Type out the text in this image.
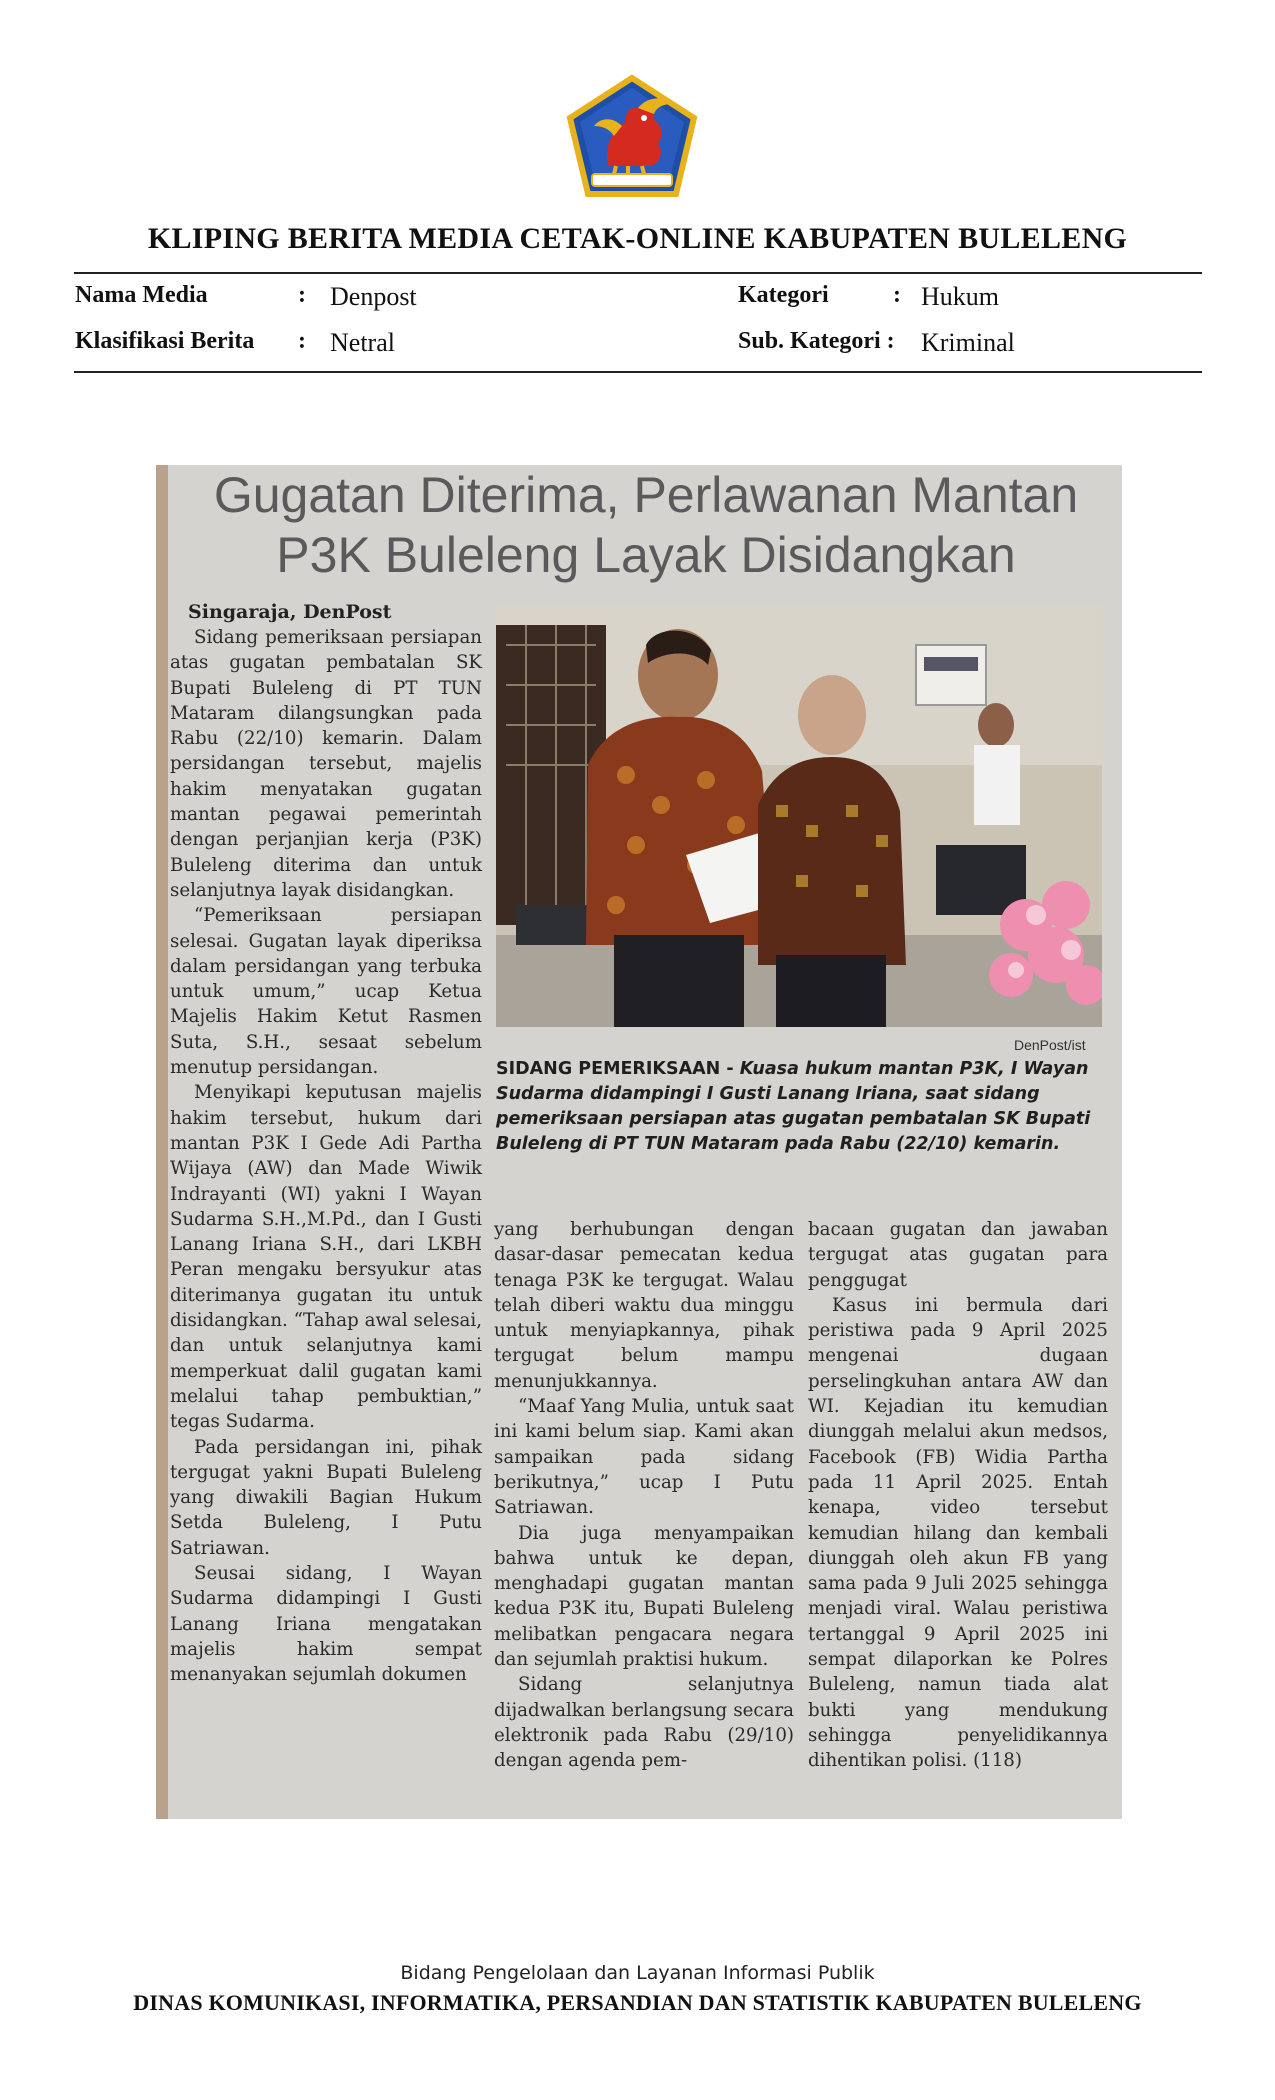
KLIPING BERITA MEDIA CETAK-ONLINE KABUPATEN BULELENG
Nama Media	: Denpost	Kategori	: Hukum
Klasifikasi Berita : Netral	Sub. Kategori : Kriminal
Gugatan Diterima, Perlawanan Mantan
P3K Buleleng Layak Disidangkan
Singaraja, DenPost

Sidang pemeriksaan persiapan atas gugatan pembatalan SK Bupati Buleleng di PT TUN Mataram dilangsungkan pada Rabu (22/10) kemarin. Dalam persidangan tersebut, majelis hakim menyatakan gugatan mantan pegawai pemerintah dengan perjanjian kerja (P3K) Buleleng diterima dan untuk selanjutnya layak disidangkan.

“Pemeriksaan persiapan selesai. Gugatan layak diperiksa dalam persidangan yang terbuka untuk umum,” ucap Ketua Majelis Hakim Ketut Rasmen Suta, S.H., sesaat sebelum menutup persidangan.

Menyikapi keputusan majelis hakim tersebut, hukum dari mantan P3K I Gede Adi Partha Wijaya (AW) dan Made Wiwik Indrayanti (WI) yakni I Wayan Sudarma S.H.,M.Pd., dan I Gusti Lanang Iriana S.H., dari LKBH Peran mengaku bersyukur atas diterimanya gugatan itu untuk disidangkan. “Tahap awal selesai, dan untuk selanjutnya kami memperkuat dalil gugatan kami melalui tahap pembuktian,” tegas Sudarma.

Pada persidangan ini, pihak tergugat yakni Bupati Buleleng yang diwakili Bagian Hukum Setda Buleleng, I Putu Satriawan.

Seusai sidang, I Wayan Sudarma didampingi I Gusti Lanang Iriana mengatakan majelis hakim sempat menanyakan sejumlah dokumen

DenPost/ist
SIDANG PEMERIKSAAN - Kuasa hukum mantan P3K, I Wayan Sudarma didampingi I Gusti Lanang Iriana, saat sidang pemeriksaan persiapan atas gugatan pembatalan SK Bupati Buleleng di PT TUN Mataram pada Rabu (22/10) kemarin.

yang berhubungan dengan dasar-dasar pemecatan kedua tenaga P3K ke tergugat. Walau telah diberi waktu dua minggu untuk menyiapkannya, pihak tergugat belum mampu menunjukkannya.

“Maaf Yang Mulia, untuk saat ini kami belum siap. Kami akan sampaikan pada sidang berikutnya,” ucap I Putu Satriawan.

Dia juga menyampaikan bahwa untuk ke depan, menghadapi gugatan mantan kedua P3K itu, Bupati Buleleng melibatkan pengacara negara dan sejumlah praktisi hukum.

Sidang selanjutnya dijadwalkan berlangsung secara elektronik pada Rabu (29/10) dengan agenda pem-

bacaan gugatan dan jawaban tergugat atas gugatan para penggugat

Kasus ini bermula dari peristiwa pada 9 April 2025 mengenai dugaan perselingkuhan antara AW dan WI. Kejadian itu kemudian diunggah melalui akun medsos, Facebook (FB) Widia Partha pada 11 April 2025. Entah kenapa, video tersebut kemudian hilang dan kembali diunggah oleh akun FB yang sama pada 9 Juli 2025 sehingga menjadi viral. Walau peristiwa tertanggal 9 April 2025 ini sempat dilaporkan ke Polres Buleleng, namun tiada alat bukti yang mendukung sehingga penyelidikannya dihentikan polisi. (118)

Bidang Pengelolaan dan Layanan Informasi Publik
DINAS KOMUNIKASI, INFORMATIKA, PERSANDIAN DAN STATISTIK KABUPATEN BULELENG
